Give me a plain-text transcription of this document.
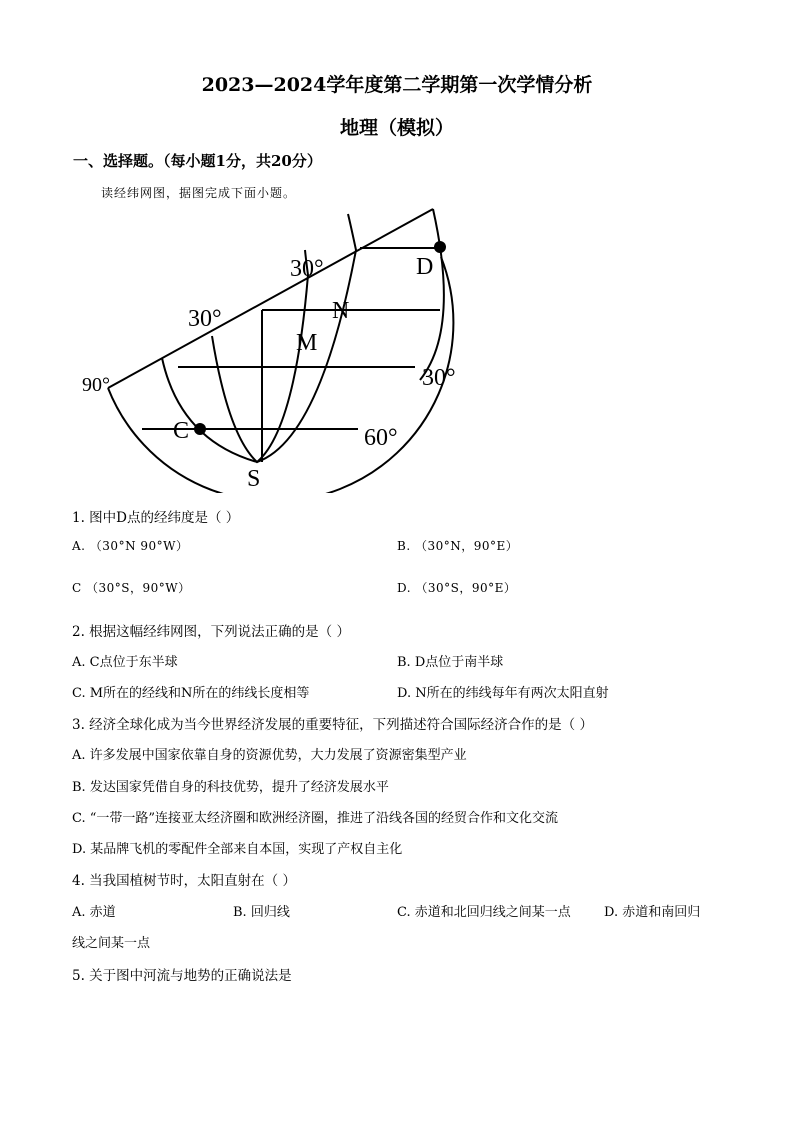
2023—2024学年度第二学期第一次学情分析
地理（模拟）
一、选择题。（每小题1分，共20分）
读经纬网图，据图完成下面小题。
30°
30°
30°
90°
60°
D
N
M
C
S
1. 图中D点的经纬度是（ ）
A. （30°N 90°W）	B. （30°N，90°E）
C （30°S，90°W）	D. （30°S，90°E）
2. 根据这幅经纬网图，下列说法正确的是（ ）
A. C点位于东半球	B. D点位于南半球
C. M所在的经线和N所在的纬线长度相等	D. N所在的纬线每年有两次太阳直射
3. 经济全球化成为当今世界经济发展的重要特征，下列描述符合国际经济合作的是（ ）
A. 许多发展中国家依靠自身的资源优势，大力发展了资源密集型产业
B. 发达国家凭借自身的科技优势，提升了经济发展水平
C. “一带一路”连接亚太经济圈和欧洲经济圈，推进了沿线各国的经贸合作和文化交流
D. 某品牌飞机的零配件全部来自本国，实现了产权自主化
4. 当我国植树节时，太阳直射在（ ）
A. 赤道	B. 回归线	C. 赤道和北回归线之间某一点	D. 赤道和南回归
线之间某一点
5. 关于图中河流与地势的正确说法是
